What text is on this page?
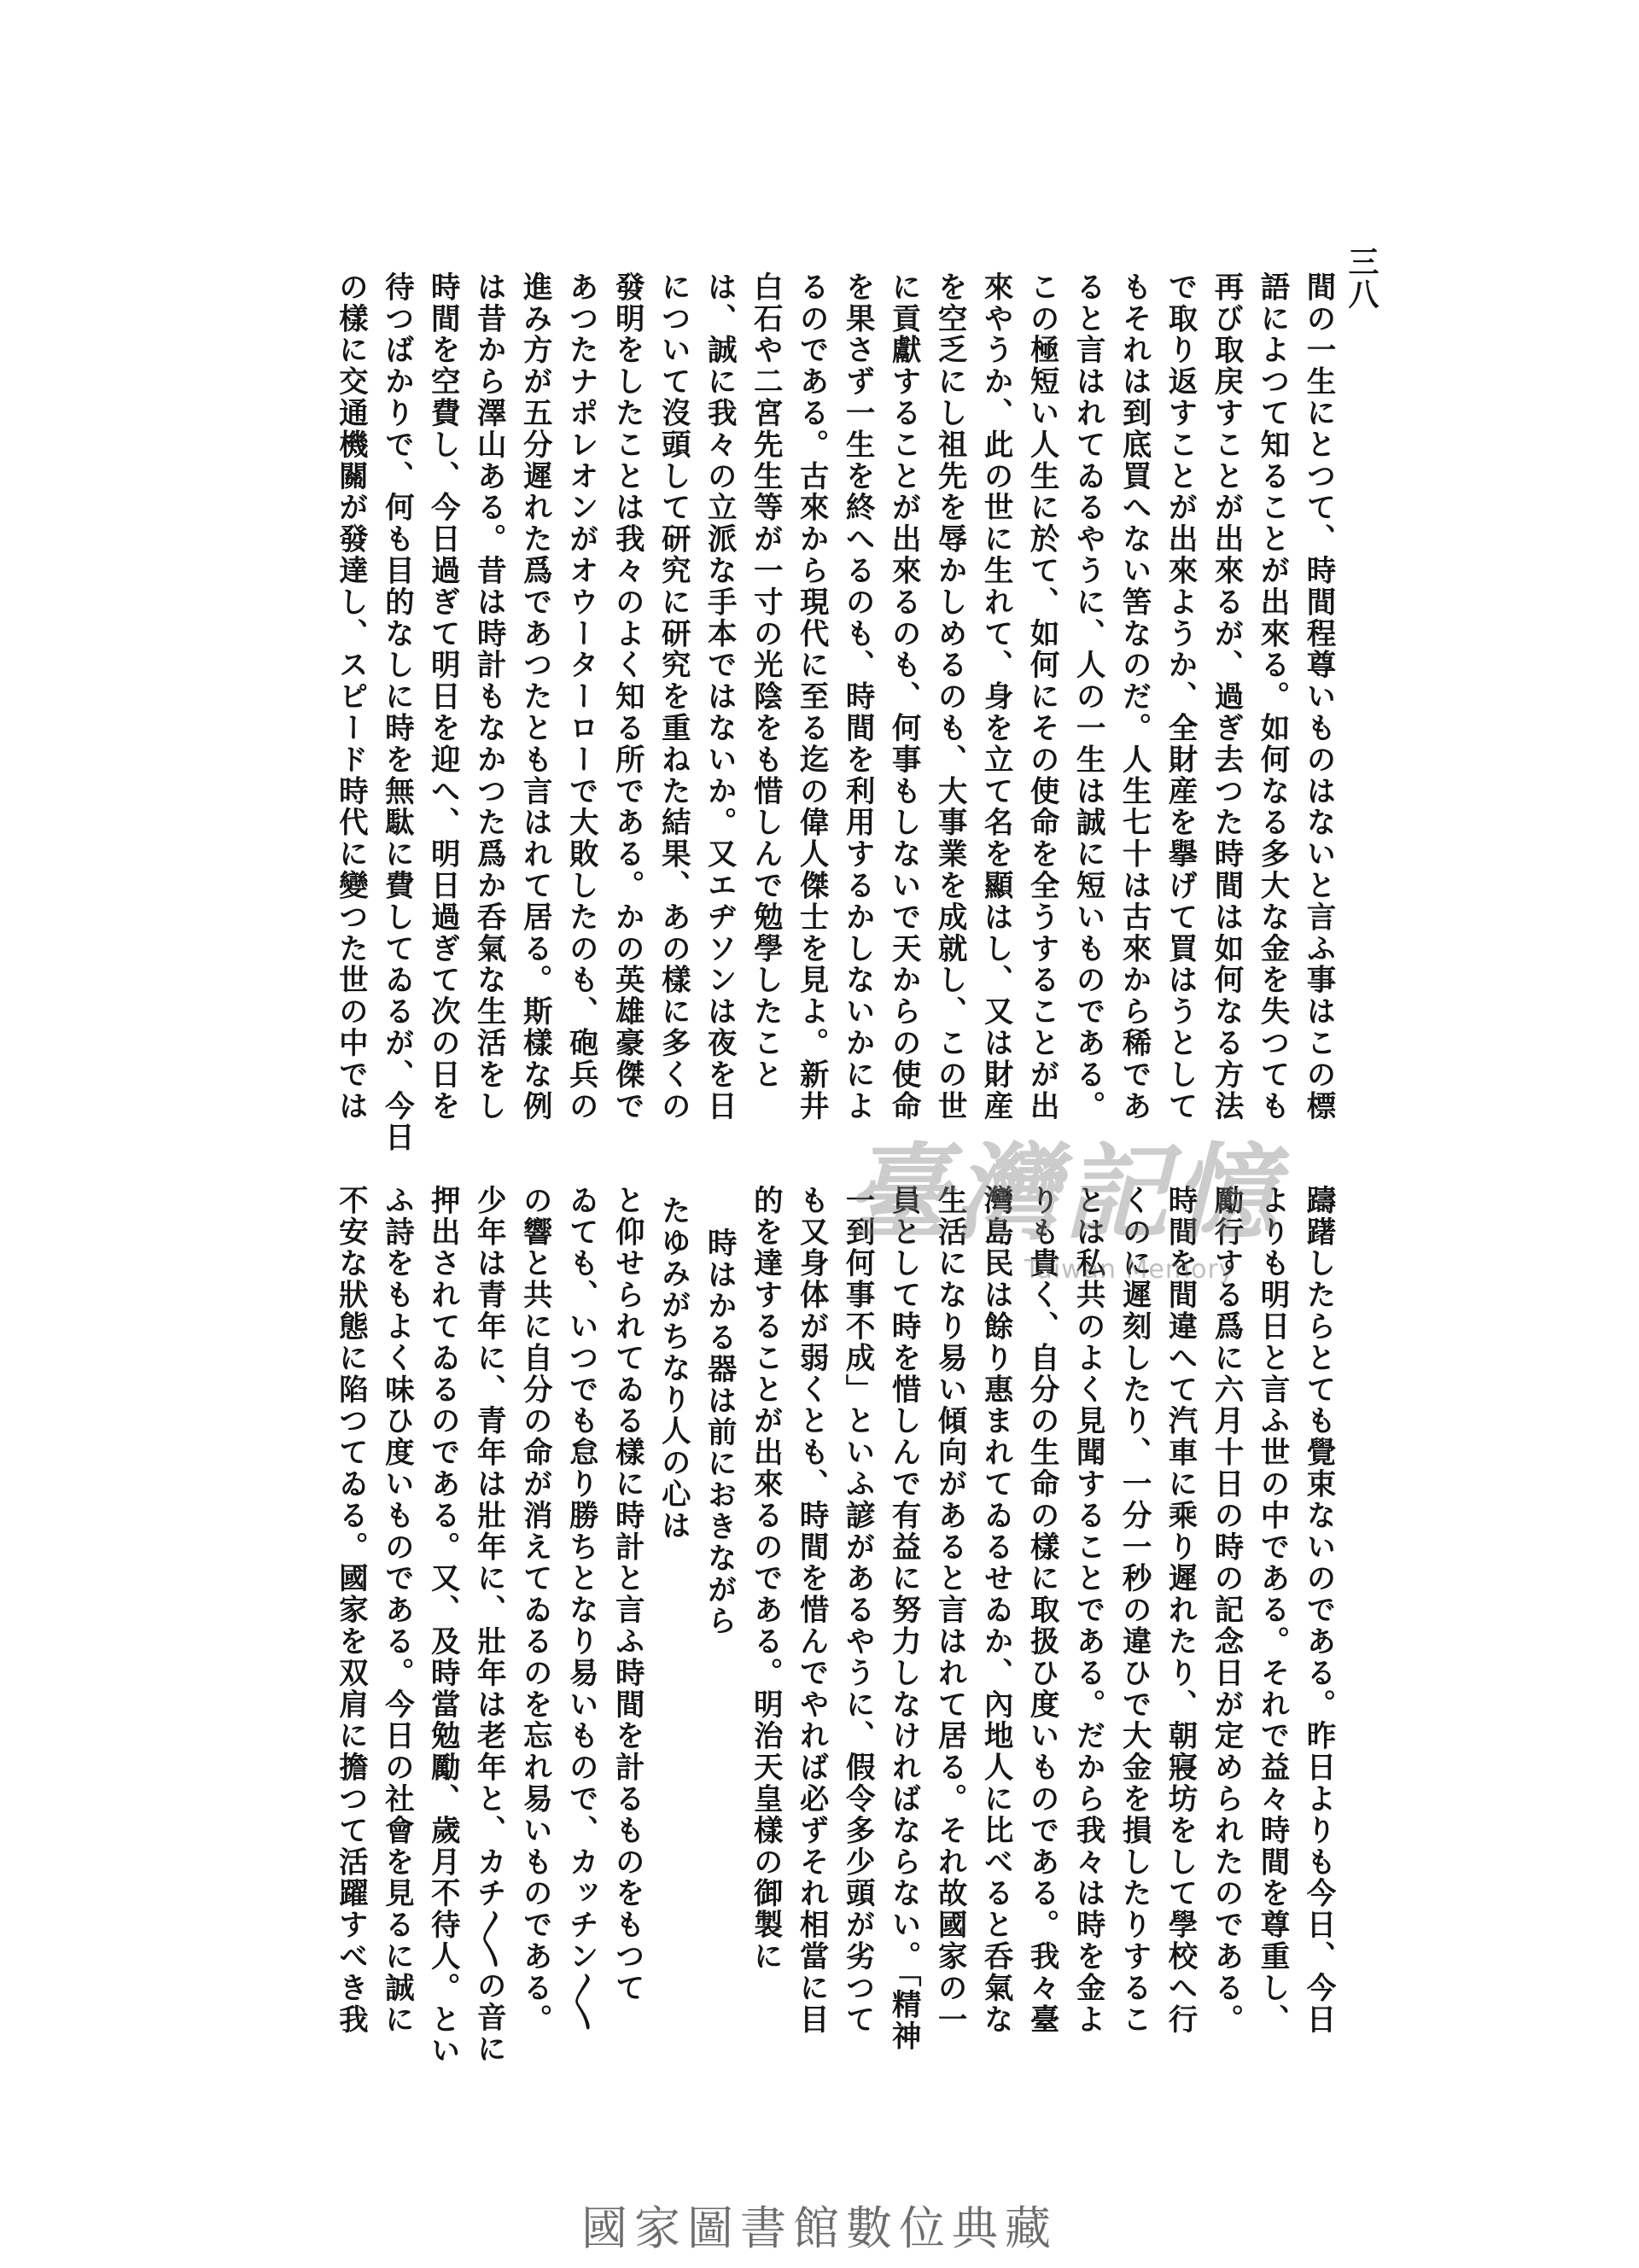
三八

間の一生にとつて、時間程尊いものはないと言ふ事はこの標

語によつて知ることが出來る。如何なる多大な金を失つても

再び取戻すことが出來るが、過ぎ去つた時間は如何なる方法

で取り返すことが出來ようか、全財産を擧げて買はうとして

もそれは到底買へない筈なのだ。人生七十は古來から稀であ

ると言はれてゐるやうに、人の一生は誠に短いものである。

この極短い人生に於て、如何にその使命を全うすることが出

來やうか、此の世に生れて、身を立て名を顯はし、又は財産

を空乏にし祖先を辱かしめるのも、大事業を成就し、この世

に貢獻することが出來るのも、何事もしないで天からの使命

を果さず一生を終へるのも、時間を利用するかしないかによ

るのである。古來から現代に至る迄の偉人傑士を見よ。新井

白石や二宮先生等が一寸の光陰をも惜しんで勉學したこと

は、誠に我々の立派な手本ではないか。又エヂソンは夜を日

について沒頭して研究に研究を重ねた結果、あの樣に多くの

發明をしたことは我々のよく知る所である。かの英雄豪傑で

あつたナポレオンがオウーターローで大敗したのも、砲兵の

進み方が五分遲れた爲であつたとも言はれて居る。斯樣な例

は昔から澤山ある。昔は時計もなかつた爲か呑氣な生活をし

時間を空費し、今日過ぎて明日を迎へ、明日過ぎて次の日を

待つばかりで、何も目的なしに時を無駄に費してゐるが、今日

の樣に交通機關が發達し、スピード時代に變つた世の中では

躊躇したらとても覺束ないのである。昨日よりも今日、今日

よりも明日と言ふ世の中である。それで益々時間を尊重し、

勵行する爲に六月十日の時の記念日が定められたのである。

時間を間違へて汽車に乘り遲れたり、朝寢坊をして學校へ行

くのに遲刻したり、一分一秒の違ひで大金を損したりするこ

とは私共のよく見聞することである。だから我々は時を金よ

りも貴く、自分の生命の樣に取扱ひ度いものである。我々臺

灣島民は餘り惠まれてゐるせゐか、內地人に比べると呑氣な

生活になり易い傾向があると言はれて居る。それ故國家の一

員として時を惜しんで有益に努力しなければならない。「精神

一到何事不成」といふ諺があるやうに、假令多少頭が劣つて

も又身体が弱くとも、時間を惜んでやれば必ずそれ相當に目

的を達することが出來るのである。明治天皇樣の御製に

時はかる器は前におきながら

たゆみがちなり人の心は

と仰せられてゐる樣に時計と言ふ時間を計るものをもつて

ゐても、いつでも怠り勝ちとなり易いもので、カッチン〳〵

の響と共に自分の命が消えてゐるのを忘れ易いものである。

少年は青年に、青年は壯年に、壯年は老年と、カチ〳〵の音に

押出されてゐるのである。又、及時當勉勵、歲月不待人。とい

ふ詩をもよく味ひ度いものである。今日の社會を見るに誠に

不安な狀態に陷つてゐる。國家を双肩に擔つて活躍すべき我	臺灣記憶
Taiwan Memory
國家圖書館數位典藏
